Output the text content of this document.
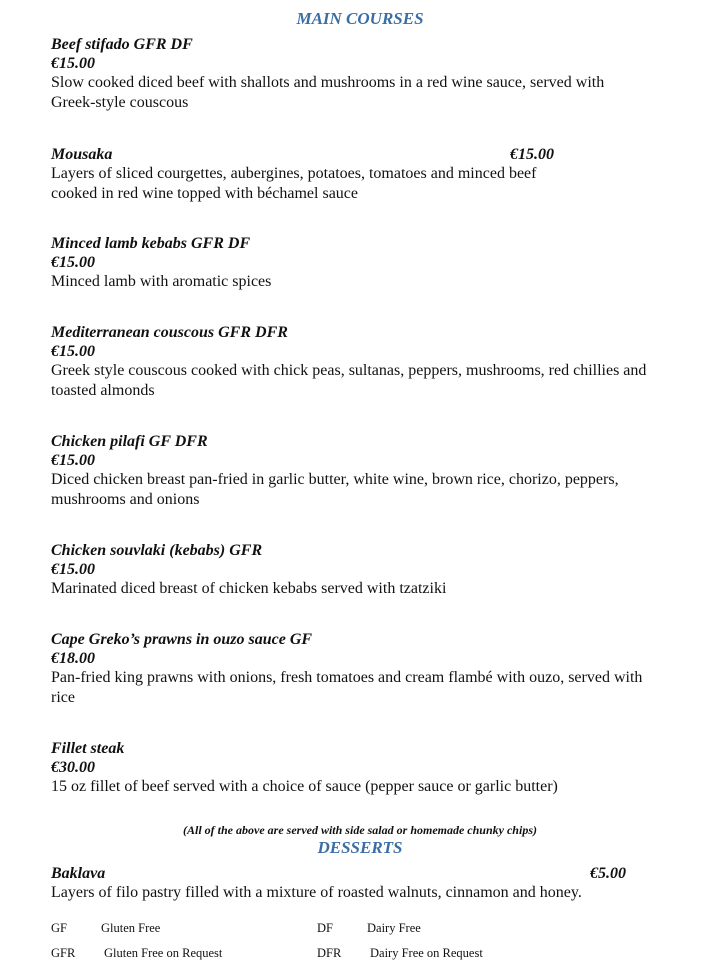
MAIN COURSES
Beef stifado GFR DF
€15.00
Slow cooked diced beef with shallots and mushrooms in a red wine sauce, served with Greek-style couscous
Mousaka	€15.00
Layers of sliced courgettes, aubergines, potatoes, tomatoes and minced beef cooked in red wine topped with béchamel sauce
Minced lamb kebabs GFR DF
€15.00
Minced lamb with aromatic spices
Mediterranean couscous GFR DFR
€15.00
Greek style couscous cooked with chick peas, sultanas, peppers, mushrooms, red chillies and toasted almonds
Chicken pilafi GF DFR
€15.00
Diced chicken breast pan-fried in garlic butter, white wine, brown rice, chorizo, peppers, mushrooms and onions
Chicken souvlaki (kebabs) GFR
€15.00
Marinated diced breast of chicken kebabs served with tzatziki
Cape Greko’s prawns in ouzo sauce GF
€18.00
Pan-fried king prawns with onions, fresh tomatoes and cream flambé with ouzo, served with rice
Fillet steak
€30.00
15 oz fillet of beef served with a choice of sauce (pepper sauce or garlic butter)
(All of the above are served with side salad or homemade chunky chips)
DESSERTS
Baklava	€5.00
Layers of filo pastry filled with a mixture of roasted walnuts, cinnamon and honey.
GF	Gluten Free	DF	Dairy Free
GFR Gluten Free on Request	DFR Dairy Free on Request
